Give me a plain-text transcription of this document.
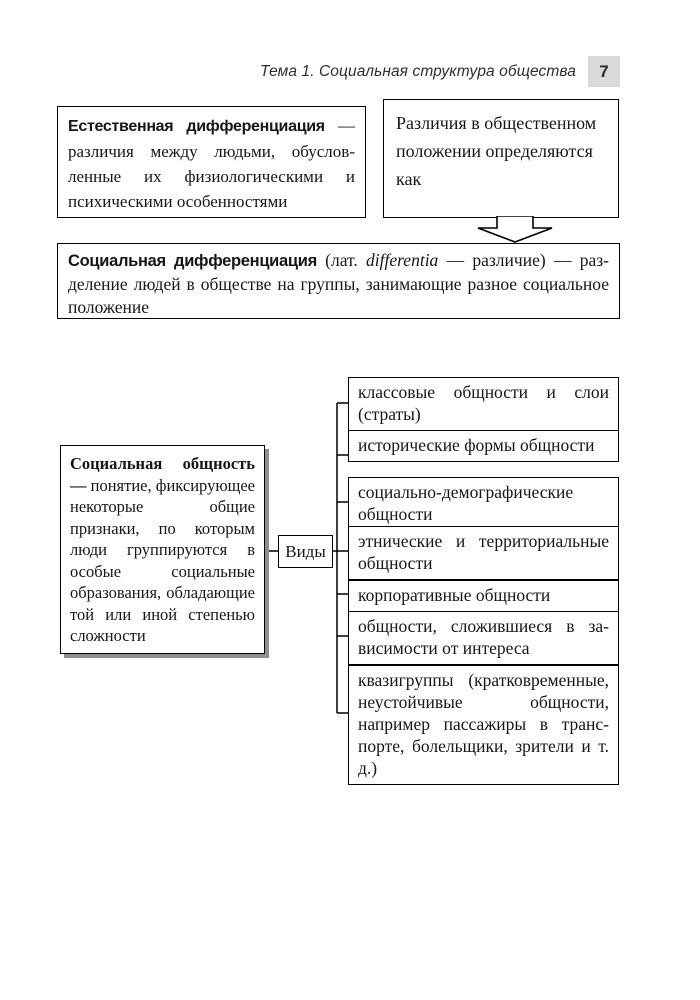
Тема 1. Социальная структура общества 7
Естественная дифференциация — различия между людьми, обусловленные их физиологическими и психическими особенностями
Различия в общественном положении определяются как
Социальная дифференциация (лат. differentia — различие) — разделение людей в обществе на группы, занимающие разное социальное положение
Социальная общность — понятие, фиксирующее некоторые общие признаки, по которым люди группируются в особые социальные образования, обладающие той или иной степенью сложности
Виды
классовые общности и слои (страты)
исторические формы общности
социально-демографические общности
этнические и территориальные общности
корпоративные общности
общности, сложившиеся в зависимости от интереса
квазигруппы (кратковременные, неустойчивые общности, например пассажиры в транспорте, болельщики, зрители и т. д.)
